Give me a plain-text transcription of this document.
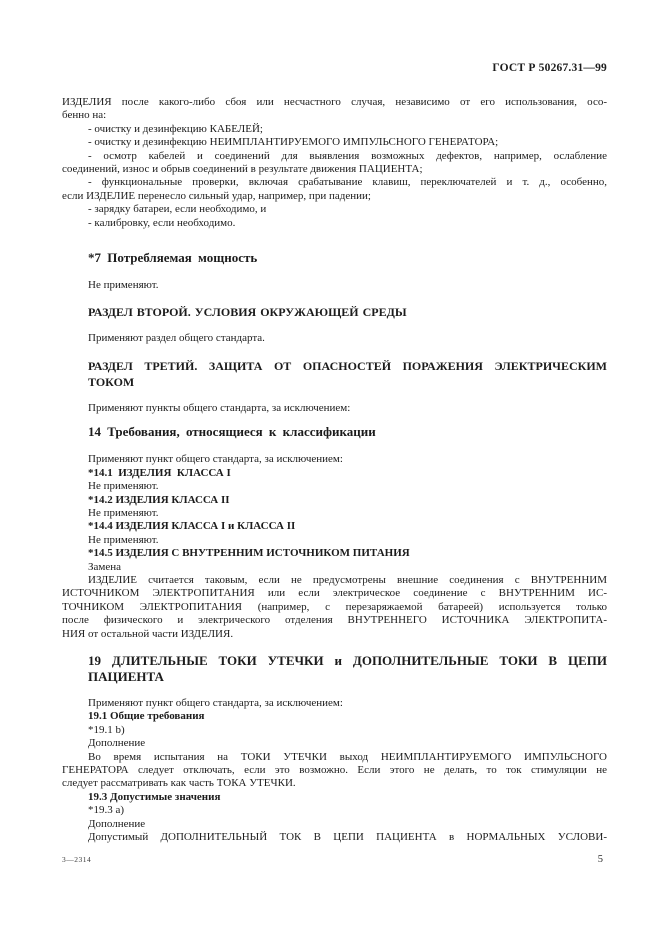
ГОСТ Р 50267.31—99
ИЗДЕЛИЯ после какого-либо сбоя или несчастного случая, независимо от его использования, осо-
бенно на:
- очистку и дезинфекцию КАБЕЛЕЙ;
- очистку и дезинфекцию НЕИМПЛАНТИРУЕМОГО ИМПУЛЬСНОГО ГЕНЕРАТОРА;
- осмотр кабелей и соединений для выявления возможных дефектов, например, ослабление
соединений, износ и обрыв соединений в результате движения ПАЦИЕНТА;
- функциональные проверки, включая срабатывание клавиш, переключателей и т. д., особенно,
если ИЗДЕЛИЕ перенесло сильный удар, например, при падении;
- зарядку батареи, если необходимо, и
- калибровку, если необходимо.
*7 Потребляемая мощность
Не применяют.
РАЗДЕЛ ВТОРОЙ. УСЛОВИЯ ОКРУЖАЮЩЕЙ СРЕДЫ
Применяют раздел общего стандарта.
РАЗДЕЛ ТРЕТИЙ. ЗАЩИТА ОТ ОПАСНОСТЕЙ ПОРАЖЕНИЯ ЭЛЕКТРИЧЕСКИМ
ТОКОМ
Применяют пункты общего стандарта, за исключением:
14 Требования, относящиеся к классификации
Применяют пункт общего стандарта, за исключением:
*14.1  ИЗДЕЛИЯ  КЛАССА I
Не применяют.
*14.2 ИЗДЕЛИЯ КЛАССА II
Не применяют.
*14.4 ИЗДЕЛИЯ КЛАССА I и КЛАССА II
Не применяют.
*14.5 ИЗДЕЛИЯ С ВНУТРЕННИМ ИСТОЧНИКОМ ПИТАНИЯ
Замена
ИЗДЕЛИЕ считается таковым, если не предусмотрены внешние соединения с ВНУТРЕННИМ
ИСТОЧНИКОМ ЭЛЕКТРОПИТАНИЯ или если электрическое соединение с ВНУТРЕННИМ ИС-
ТОЧНИКОМ ЭЛЕКТРОПИТАНИЯ (например, с перезаряжаемой батареей) используется только
после физического и электрического отделения ВНУТРЕННЕГО ИСТОЧНИКА ЭЛЕКТРОПИТА-
НИЯ от остальной части ИЗДЕЛИЯ.
19 ДЛИТЕЛЬНЫЕ ТОКИ УТЕЧКИ и ДОПОЛНИТЕЛЬНЫЕ ТОКИ В ЦЕПИ
ПАЦИЕНТА
Применяют пункт общего стандарта, за исключением:
19.1 Общие требования
*19.1 b)
Дополнение
Во время испытания на ТОКИ УТЕЧКИ выход НЕИМПЛАНТИРУЕМОГО ИМПУЛЬСНОГО
ГЕНЕРАТОРА следует отключать, если это возможно. Если этого не делать, то ток стимуляции не
следует рассматривать как часть ТОКА УТЕЧКИ.
19.3 Допустимые значения
*19.3 a)
Дополнение
Допустимый ДОПОЛНИТЕЛЬНЫЙ ТОК В ЦЕПИ ПАЦИЕНТА в НОРМАЛЬНЫХ УСЛОВИ-
3—2314	5
